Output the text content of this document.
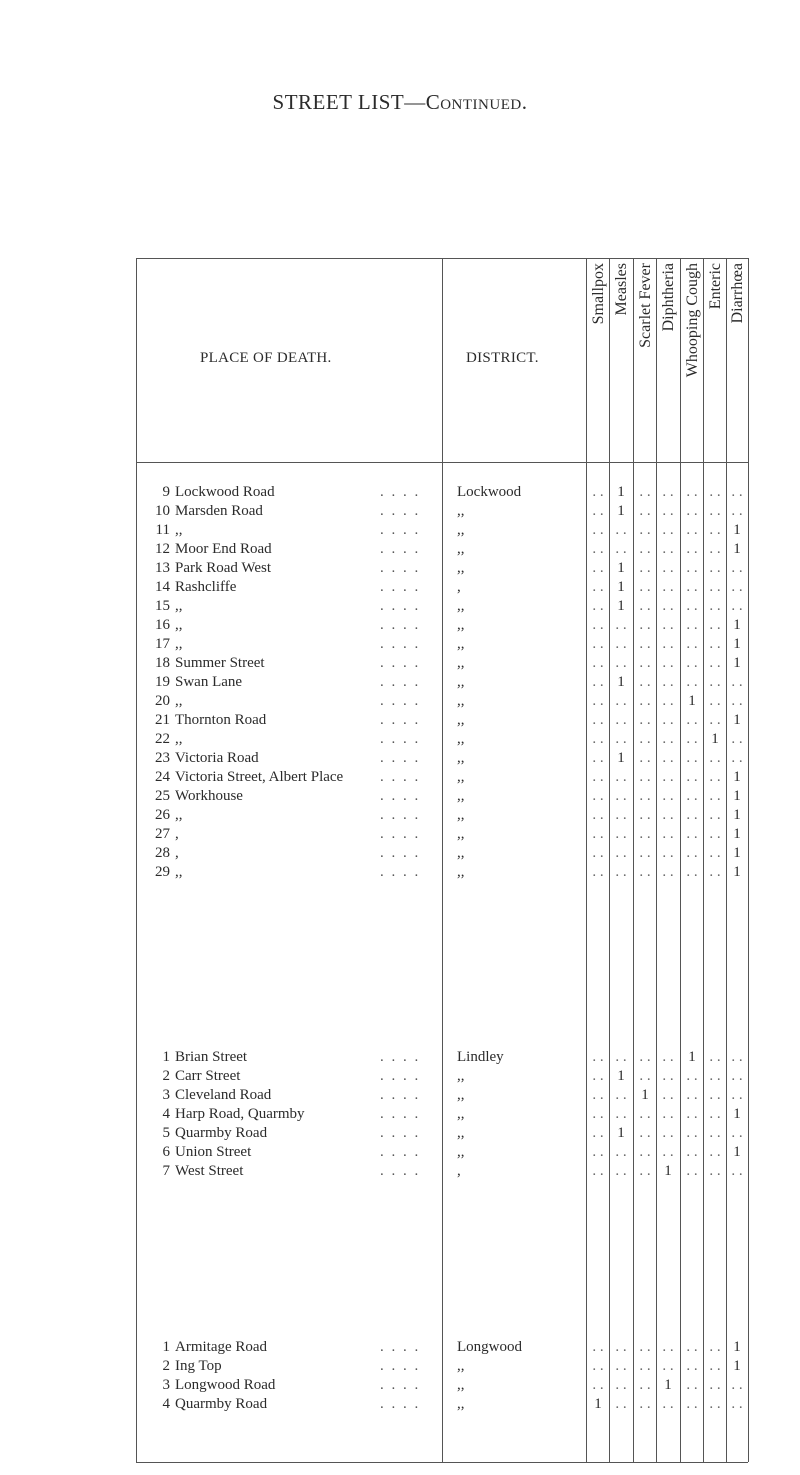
STREET LIST—Continued.
PLACE OF DEATH.	DISTRICT.
Smallpox Measles Scarlet Fever Diphtheria Whooping Cough Enteric Diarrhœa
9 Lockwood Road	. . . . Lockwood	. . 1 . . . . . . . . . .
10 Marsden Road	. . . . ,,	. . 1 . . . . . . . . . .
11 ,,	. . . . ,,	. . . . . . . . . . . . 1
12 Moor End Road	. . . . ,,	. . . . . . . . . . . . 1
13 Park Road West	. . . . ,,	. . 1 . . . . . . . . . .
14 Rashcliffe	. . . . ,	. . 1 . . . . . . . . . .
15 ,,	. . . . ,,	. . 1 . . . . . . . . . .
16 ,,	. . . . ,,	. . . . . . . . . . . . 1
17 ,,	. . . . ,,	. . . . . . . . . . . . 1
18 Summer Street	. . . . ,,	. . . . . . . . . . . . 1
19 Swan Lane	. . . . ,,	. . 1 . . . . . . . . . .
20 ,,	. . . . ,,	. . . . . . . . 1 . . . .
21 Thornton Road	. . . . ,,	. . . . . . . . . . . . 1
22 ,,	. . . . ,,	. . . . . . . . . . 1 . .
23 Victoria Road	. . . . ,,	. . 1 . . . . . . . . . .
24 Victoria Street, Albert Place . . . . ,,	. . . . . . . . . . . . 1
25 Workhouse	. . . . ,,	. . . . . . . . . . . . 1
26 ,,	. . . . ,,	. . . . . . . . . . . . 1
27 ,	. . . . ,,	. . . . . . . . . . . . 1
28 ,	. . . . ,,	. . . . . . . . . . . . 1
29 ,,	. . . . ,,	. . . . . . . . . . . . 1
1 Brian Street	. . . . Lindley	. . . . . . . . 1 . . . .
2 Carr Street	. . . . ,,	. . 1 . . . . . . . . . .
3 Cleveland Road	. . . . ,,	. . . . 1 . . . . . . . .
4 Harp Road, Quarmby	. . . . ,,	. . . . . . . . . . . . 1
5 Quarmby Road	. . . . ,,	. . 1 . . . . . . . . . .
6 Union Street	. . . . ,,	. . . . . . . . . . . . 1
7 West Street	. . . . ,	. . . . . . 1 . . . . . .
1 Armitage Road	. . . . Longwood	. . . . . . . . . . . . 1
2 Ing Top	. . . . ,,	. . . . . . . . . . . . 1
3 Longwood Road	. . . . ,,	. . . . . . 1 . . . . . .
4 Quarmby Road	. . . . ,,	1 . . . . . . . . . . . .
